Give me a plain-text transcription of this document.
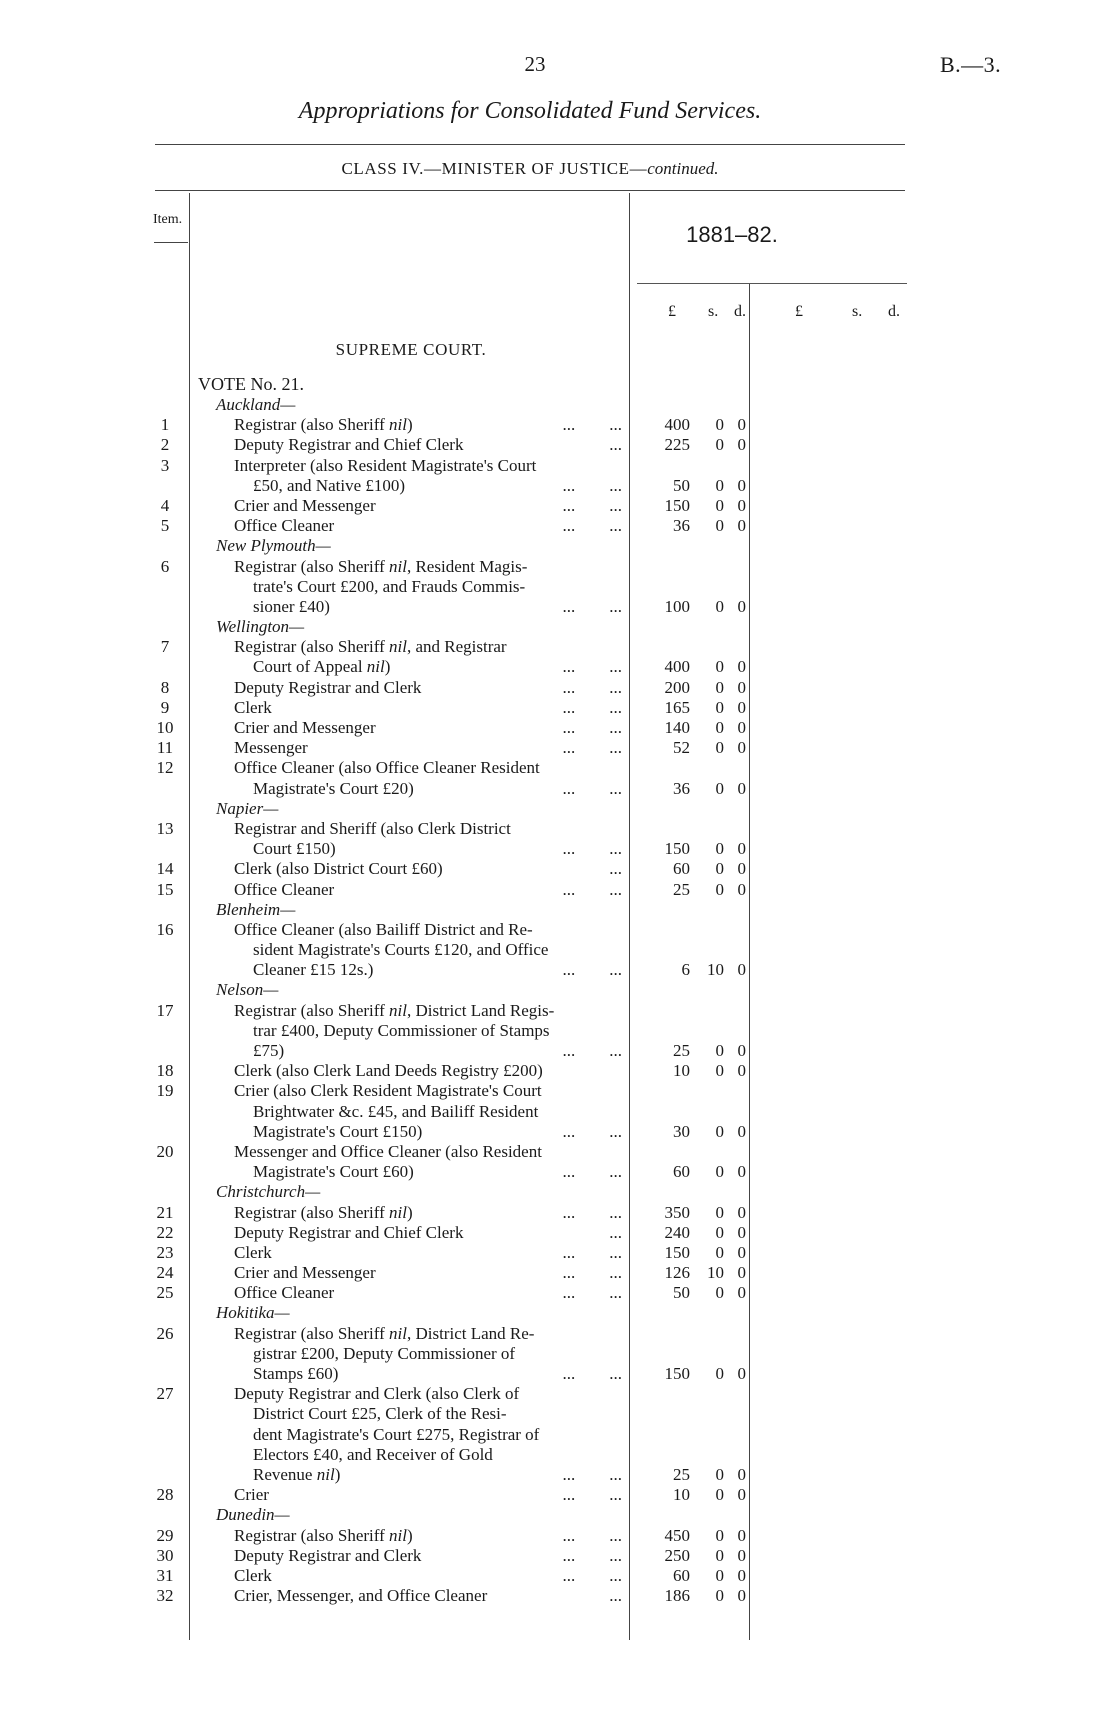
23	B.—3.
Appropriations for Consolidated Fund Services.
CLASS IV.—MINISTER OF JUSTICE—continued.
Item.
1881–82.
£ s. d.	£	s. d.
SUPREME COURT.
VOTE No. 21.
Auckland—
1	Registrar (also Sheriff nil)	...        ...	400	0 0
2	Deputy Registrar and Chief Clerk	...	225	0 0
3	Interpreter (also Resident Magistrate's Court
£50, and Native £100)	...        ...	50	0 0
4	Crier and Messenger	...        ...	150	0 0
5	Office Cleaner	...        ...	36	0 0
New Plymouth—
6	Registrar (also Sheriff nil, Resident Magis-
trate's Court £200, and Frauds Commis-
sioner £40)	...        ...	100	0 0
Wellington—
7	Registrar (also Sheriff nil, and Registrar
Court of Appeal nil)	...        ...	400	0 0
8	Deputy Registrar and Clerk	...        ...	200	0 0
9	Clerk	...        ...	165	0 0
10	Crier and Messenger	...        ...	140	0 0
11	Messenger	...        ...	52	0 0
12	Office Cleaner (also Office Cleaner Resident
Magistrate's Court £20)	...        ...	36	0 0
Napier—
13	Registrar and Sheriff (also Clerk District
Court £150)	...        ...	150	0 0
14	Clerk (also District Court £60)	...	60	0 0
15	Office Cleaner	...        ...	25	0 0
Blenheim—
16	Office Cleaner (also Bailiff District and Re-
sident Magistrate's Courts £120, and Office
Cleaner £15 12s.)	...        ...	6	10 0
Nelson—
17	Registrar (also Sheriff nil, District Land Regis-
trar £400, Deputy Commissioner of Stamps
£75)	...        ...	25	0 0
18	Clerk (also Clerk Land Deeds Registry £200)	10	0 0
19	Crier (also Clerk Resident Magistrate's Court
Brightwater &c. £45, and Bailiff Resident
Magistrate's Court £150)	...        ...	30	0 0
20	Messenger and Office Cleaner (also Resident
Magistrate's Court £60)	...        ...	60	0 0
Christchurch—
21	Registrar (also Sheriff nil)	...        ...	350	0 0
22	Deputy Registrar and Chief Clerk	...	240	0 0
23	Clerk	...        ...	150	0 0
24	Crier and Messenger	...        ...	126	10 0
25	Office Cleaner	...        ...	50	0 0
Hokitika—
26	Registrar (also Sheriff nil, District Land Re-
gistrar £200, Deputy Commissioner of
Stamps £60)	...        ...	150	0 0
27	Deputy Registrar and Clerk (also Clerk of
District Court £25, Clerk of the Resi-
dent Magistrate's Court £275, Registrar of
Electors £40, and Receiver of Gold
Revenue nil)	...        ...	25	0 0
28	Crier	...        ...	10	0 0
Dunedin—
29	Registrar (also Sheriff nil)	...        ...	450	0 0
30	Deputy Registrar and Clerk	...        ...	250	0 0
31	Clerk	...        ...	60	0 0
32	Crier, Messenger, and Office Cleaner	...	186	0 0
